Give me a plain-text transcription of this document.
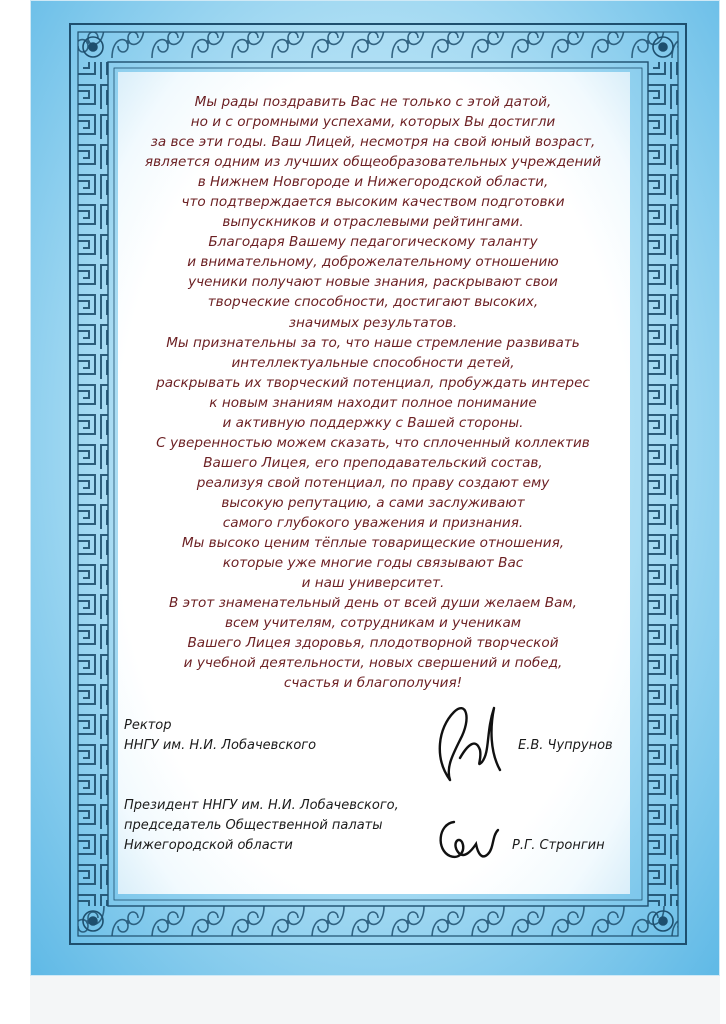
Мы рады поздравить Вас не только с этой датой,
но и с огромными успехами, которых Вы достигли
за все эти годы. Ваш Лицей, несмотря на свой юный возраст,
является одним из лучших общеобразовательных учреждений
в Нижнем Новгороде и Нижегородской области,
что подтверждается высоким качеством подготовки
выпускников и отраслевыми рейтингами.
Благодаря Вашему педагогическому таланту
и внимательному, доброжелательному отношению
ученики получают новые знания, раскрывают свои
творческие способности, достигают высоких,
значимых результатов.
Мы признательны за то, что наше стремление развивать
интеллектуальные способности детей,
раскрывать их творческий потенциал, пробуждать интерес
к новым знаниям находит полное понимание
и активную поддержку с Вашей стороны.
С уверенностью можем сказать, что сплоченный коллектив
Вашего Лицея, его преподавательский состав,
реализуя свой потенциал, по праву создают ему
высокую репутацию, а сами заслуживают
самого глубокого уважения и признания.
Мы высоко ценим тёплые товарищеские отношения,
которые уже многие годы связывают Вас
и наш университет.
В этот знаменательный день от всей души желаем Вам,
всем учителям, сотрудникам и ученикам
Вашего Лицея здоровья, плодотворной творческой
и учебной деятельности, новых свершений и побед,
счастья и благополучия!
Ректор
ННГУ им. Н.И. Лобачевского	Е.В. Чупрунов
Президент ННГУ им. Н.И. Лобачевского,
председатель Общественной палаты
Нижегородской области	Р.Г. Стронгин
